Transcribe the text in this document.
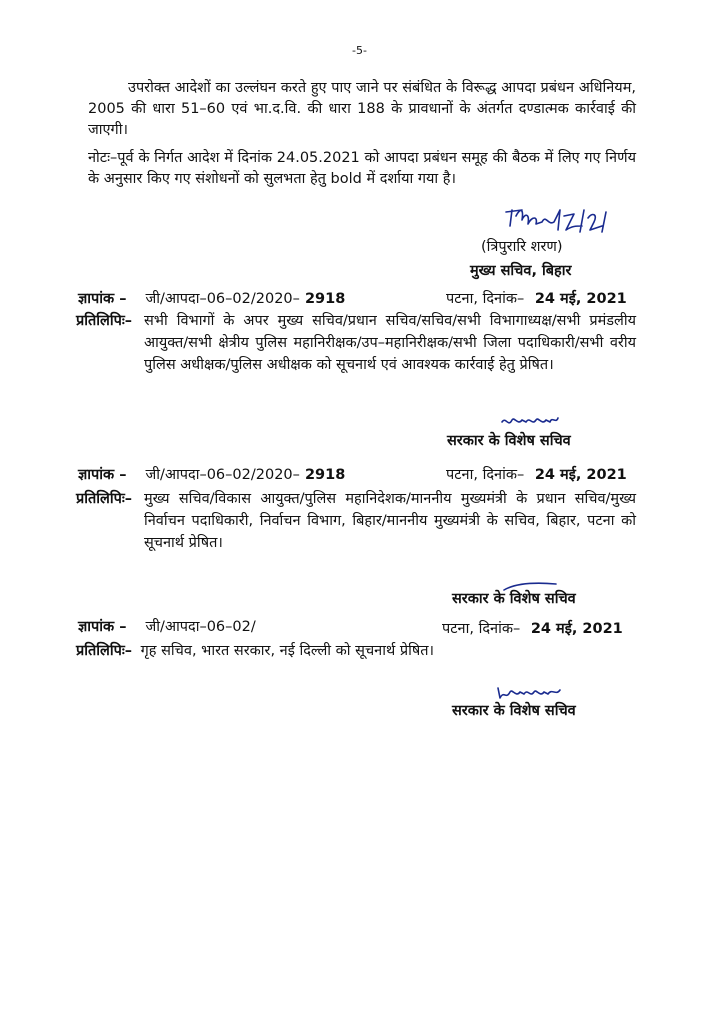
-5-
उपरोक्त आदेशों का उल्लंघन करते हुए पाए जाने पर संबंधित के विरूद्ध आपदा प्रबंधन अधिनियम, 2005 की धारा 51–60 एवं भा.द.वि. की धारा 188 के प्रावधानों के अंतर्गत दण्डात्मक कार्रवाई की जाएगी।
नोटः–पूर्व के निर्गत आदेश में दिनांक 24.05.2021 को आपदा प्रबंधन समूह की बैठक में लिए गए निर्णय के अनुसार किए गए संशोधनों को सुलभता हेतु bold में दर्शाया गया है।
(त्रिपुरारि शरण)
मुख्य सचिव, बिहार
ज्ञापांक – जी/आपदा–06–02/2020– 2918	पटना, दिनांक– 24 मई, 2021
प्रतिलिपिः– सभी विभागों के अपर मुख्य सचिव/प्रधान सचिव/सचिव/सभी विभागाध्यक्ष/सभी प्रमंडलीय आयुक्त/सभी क्षेत्रीय पुलिस महानिरीक्षक/उप–महानिरीक्षक/सभी जिला पदाधिकारी/सभी वरीय पुलिस अधीक्षक/पुलिस अधीक्षक को सूचनार्थ एवं आवश्यक कार्रवाई हेतु प्रेषित।
सरकार के विशेष सचिव
ज्ञापांक – जी/आपदा–06–02/2020– 2918	पटना, दिनांक– 24 मई, 2021
प्रतिलिपिः– मुख्य सचिव/विकास आयुक्त/पुलिस महानिदेशक/माननीय मुख्यमंत्री के प्रधान सचिव/मुख्य निर्वाचन पदाधिकारी, निर्वाचन विभाग, बिहार/माननीय मुख्यमंत्री के सचिव, बिहार, पटना को सूचनार्थ प्रेषित।
सरकार के विशेष सचिव
ज्ञापांक – जी/आपदा–06–02/	पटना, दिनांक– 24 मई, 2021
प्रतिलिपिः– गृह सचिव, भारत सरकार, नई दिल्ली को सूचनार्थ प्रेषित।
सरकार के विशेष सचिव
